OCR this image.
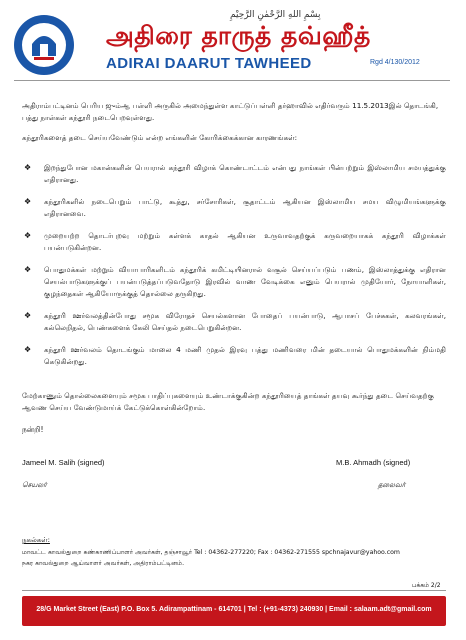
بِسْمِ اللهِ الرَّحْمٰنِ الرَّحِيْمِ
அதிரை தாருத் தவ்ஹீத்
ADIRAI DAARUT TAWHEED	Rgd 4/130/2012
அதிராம்பட்டினம் பெரிய ஜும்ஆ பள்ளி அருகில் அமைந்துள்ள காட்டுப்பள்ளி தர்ஹாவில் எதிர்வரும் 11.5.2013இல் தொடங்கி, பத்து நாள்கள் கந்தூரி நடைபெறவுள்ளது.
கந்தூரிகளைத் தடை செய்யவேண்டும் என்ற எங்களின் கோரிக்கைக்கான காரணங்கள்:
❖ இறந்துபோன மகான்களின் பெயரால் கந்தூரி விழாக் கொண்டாட்டம் என்பது நாங்கள் பின்பற்றும் இஸ்லாமிய சமயத்துக்கு எதிரானது.
❖ கந்தூரிகளில் நடைபெறும் பாட்டு, கூத்து, சர்சோரிகள், சூதாட்டம் ஆகியன இஸ்லாமிய சமய விழுமியங்களுக்கு எதிரானவை.
❖ முறையற்ற தொடர்புறவு மற்றும் கள்ளக் காதல் ஆகியன உருவாவதற்குக் கருவறையாகக் கந்தூரி விழாக்கள் பயன்படுகின்றன.
❖ பொதுமக்கள் மற்றும் வியாபாரிகளிடம் கந்தூரிக் கமிட்டியினரால் வசூல் செய்யப்படும் பணம், இஸ்லாத்துக்கு எதிரான செயல்பாடுகளுக்குப் பயன்படுத்தப்படுவதோடு இரவில் வாண வேடிக்கை எனும் பெயரால் முதியோர், நோயாளிகள், குழந்தைகள் ஆகியோருக்குத் தொல்லை தருகிறது.
❖ கந்தூரி ஊர்வலத்தின்போது சமூக விரோதச் செயல்களான போதைப் பயன்பாடு, ஆபாசப் பேச்சுகள், கலவரங்கள், கல்லெறிதல், பெண்களைக் கேலி செய்தல் நடைபெறுகின்றன.
❖ கந்தூரி ஊர்வலம் தொடங்கும் மாலை 4 மணி முதல் இரவு பத்து மணிவரை மின் தடையால் பொதுமக்களின் நிம்மதி கெடுகின்றது.
மேற்காணும் தொல்லைகளையும் சமூக பாதிப்புகளையும் உண்டாக்குகின்ற கந்தூரியைத் தாங்கள் தயவு கூர்ந்து தடை செய்வதற்கு ஆவண செய்ய வேண்டுமாய்க் கேட்டுக்கொள்கின்றோம்.
நன்றி!
Jameel M. Salih (signed)	M.B. Ahmadh (signed)
செயலர்	தலைவர்
நகல்கள்:
மாவட்ட காவல்துறை கண்காணிப்பாளர் அவர்கள், தஞ்சாவூர் Tel : 04362-277220; Fax : 04362-271555 spchnajavur@yahoo.com
நகர காவல்துறை ஆய்வாளர் அவர்கள், அதிராம்பட்டினம்.
பக்கம் 2/2
28/G Market Street (East) P.O. Box 5. Adirampattinam - 614701 | Tel : (+91-4373) 240930 | Email : salaam.adt@gmail.com
